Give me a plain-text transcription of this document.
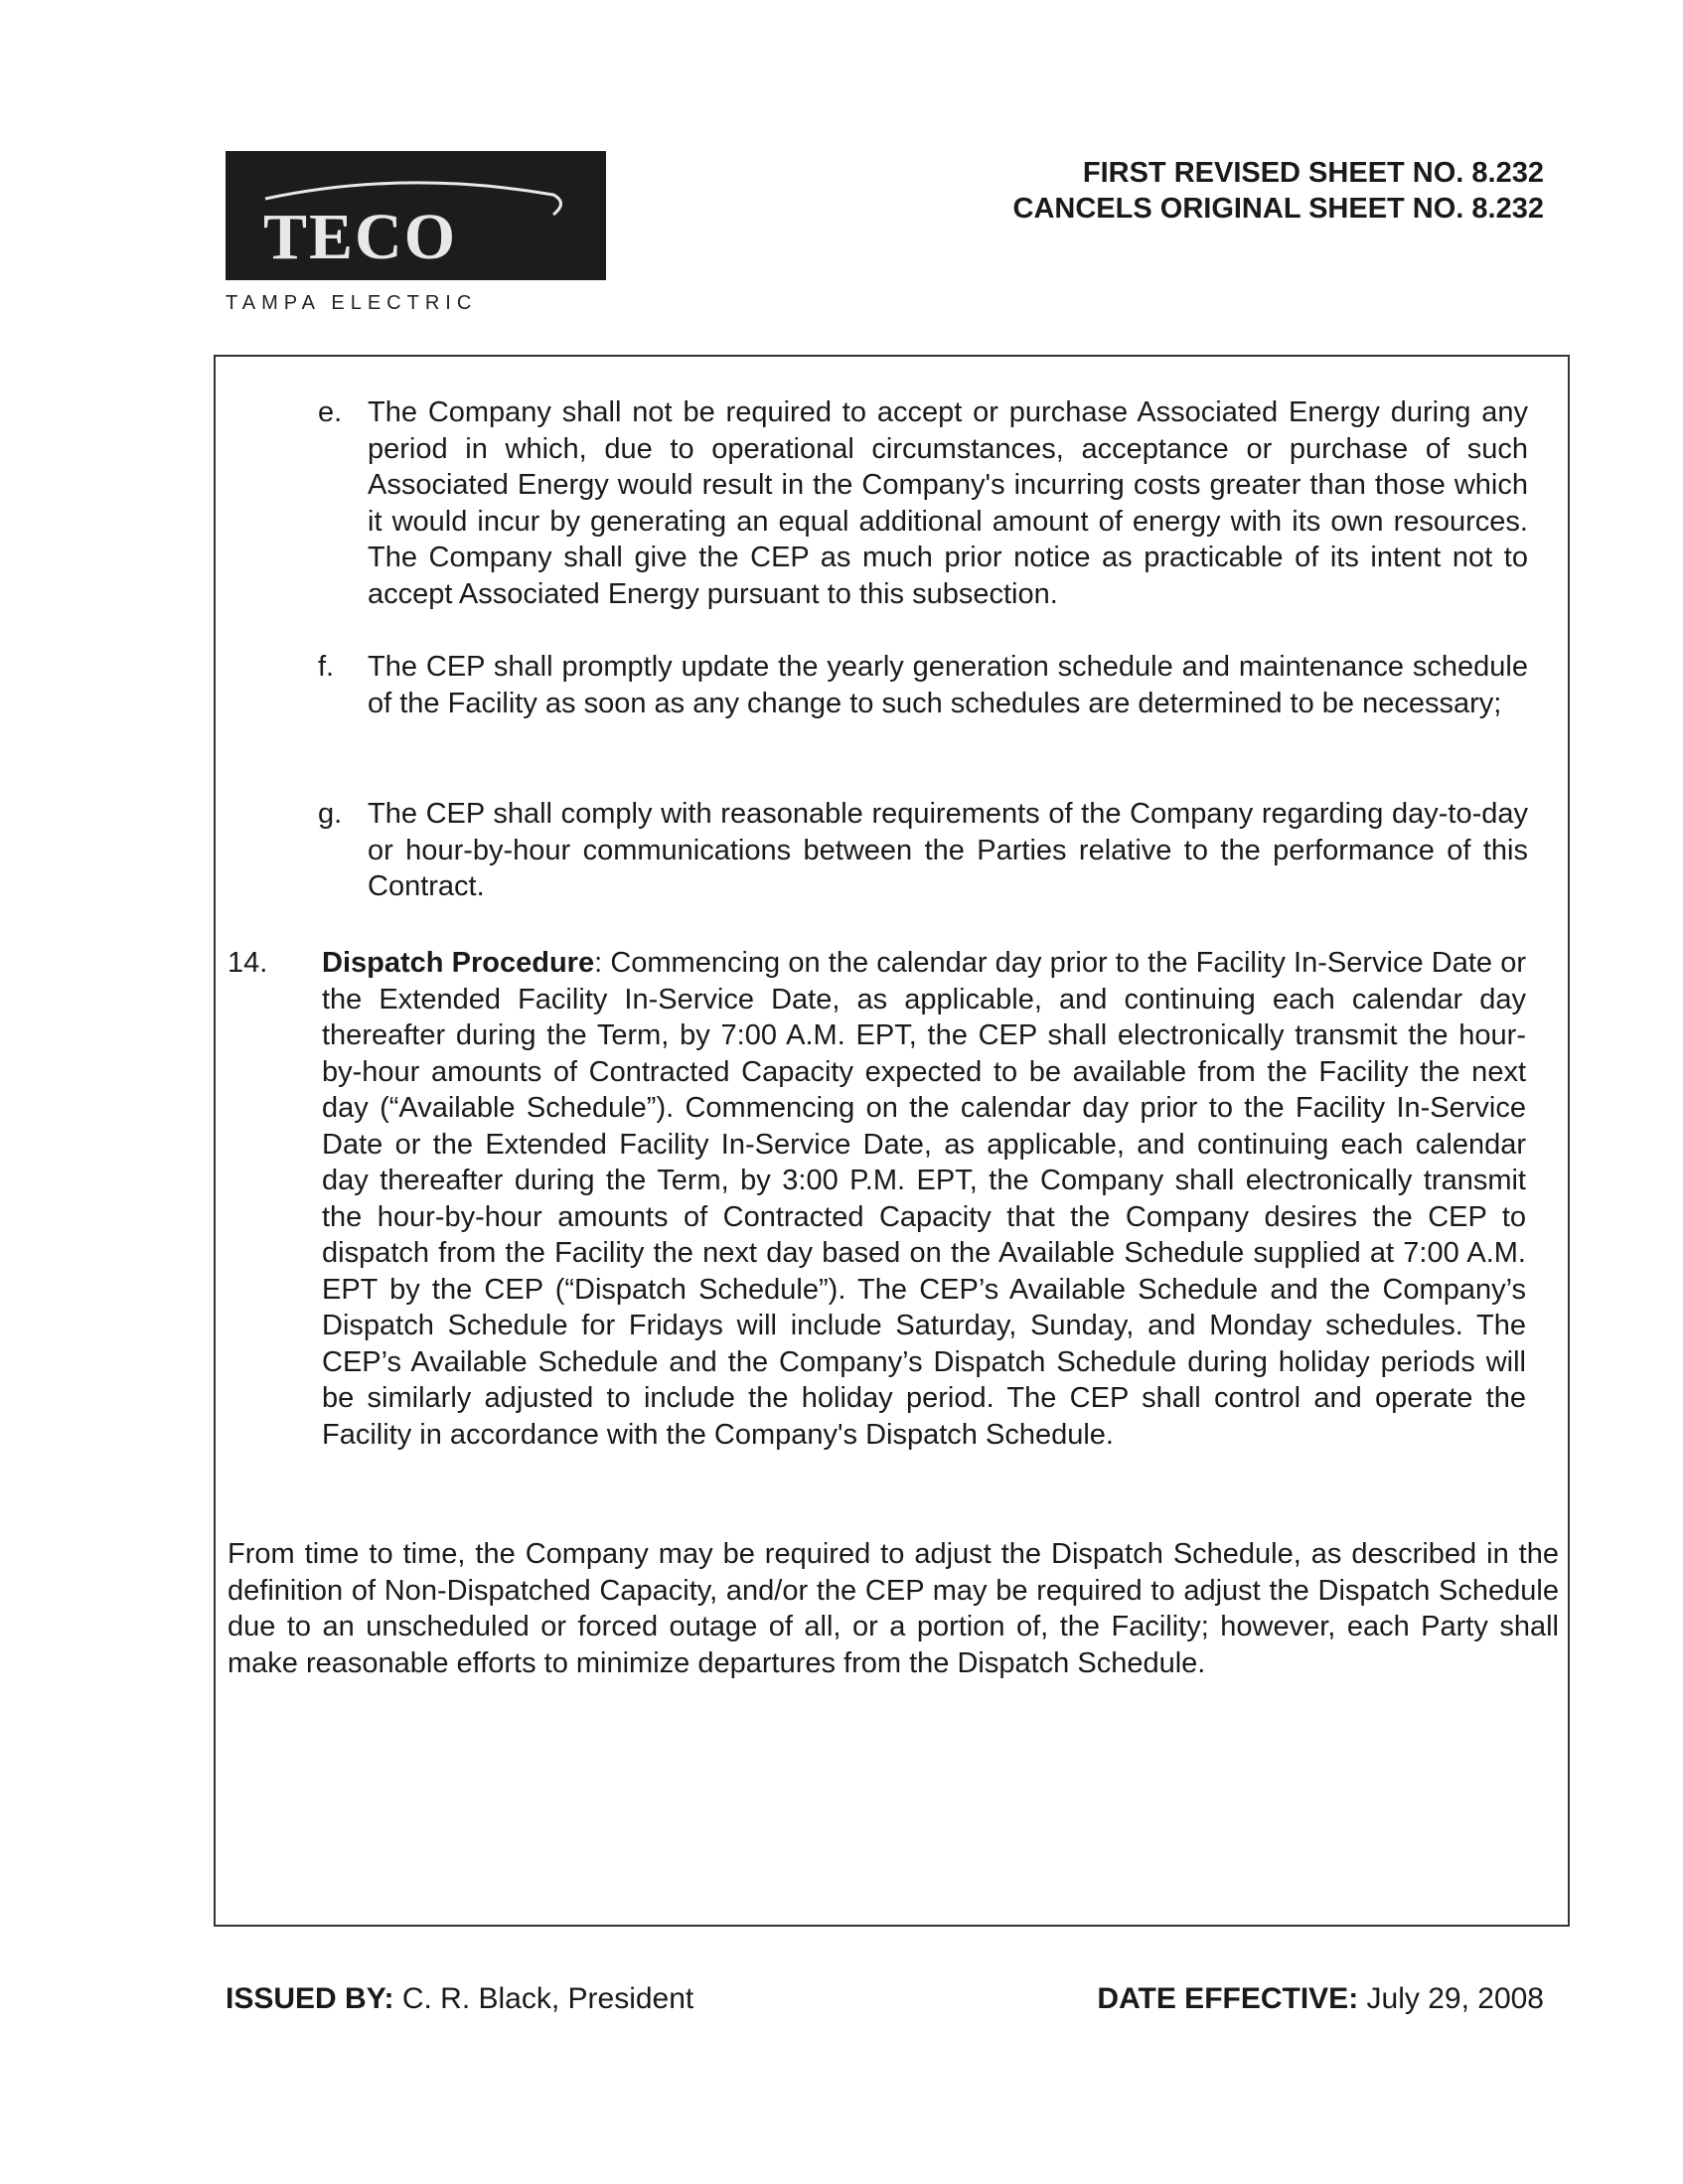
TECO
TAMPA ELECTRIC
FIRST REVISED SHEET NO. 8.232
CANCELS ORIGINAL SHEET NO. 8.232
e. The Company shall not be required to accept or purchase Associated Energy during any period in which, due to operational circumstances, acceptance or purchase of such Associated Energy would result in the Company's incurring costs greater than those which it would incur by generating an equal additional amount of energy with its own resources. The Company shall give the CEP as much prior notice as practicable of its intent not to accept Associated Energy pursuant to this subsection.
f. The CEP shall promptly update the yearly generation schedule and maintenance schedule of the Facility as soon as any change to such schedules are determined to be necessary;
g. The CEP shall comply with reasonable requirements of the Company regarding day-to-day or hour-by-hour communications between the Parties relative to the performance of this Contract.
14. Dispatch Procedure: Commencing on the calendar day prior to the Facility In-Service Date or the Extended Facility In-Service Date, as applicable, and continuing each calendar day thereafter during the Term, by 7:00 A.M. EPT, the CEP shall electronically transmit the hour-by-hour amounts of Contracted Capacity expected to be available from the Facility the next day (“Available Schedule”). Commencing on the calendar day prior to the Facility In-Service Date or the Extended Facility In-Service Date, as applicable, and continuing each calendar day thereafter during the Term, by 3:00 P.M. EPT, the Company shall electronically transmit the hour-by-hour amounts of Contracted Capacity that the Company desires the CEP to dispatch from the Facility the next day based on the Available Schedule supplied at 7:00 A.M. EPT by the CEP (“Dispatch Schedule”). The CEP’s Available Schedule and the Company’s Dispatch Schedule for Fridays will include Saturday, Sunday, and Monday schedules. The CEP’s Available Schedule and the Company’s Dispatch Schedule during holiday periods will be similarly adjusted to include the holiday period. The CEP shall control and operate the Facility in accordance with the Company's Dispatch Schedule.
From time to time, the Company may be required to adjust the Dispatch Schedule, as described in the definition of Non-Dispatched Capacity, and/or the CEP may be required to adjust the Dispatch Schedule due to an unscheduled or forced outage of all, or a portion of, the Facility; however, each Party shall make reasonable efforts to minimize departures from the Dispatch Schedule.
ISSUED BY: C. R. Black, President	DATE EFFECTIVE: July 29, 2008
